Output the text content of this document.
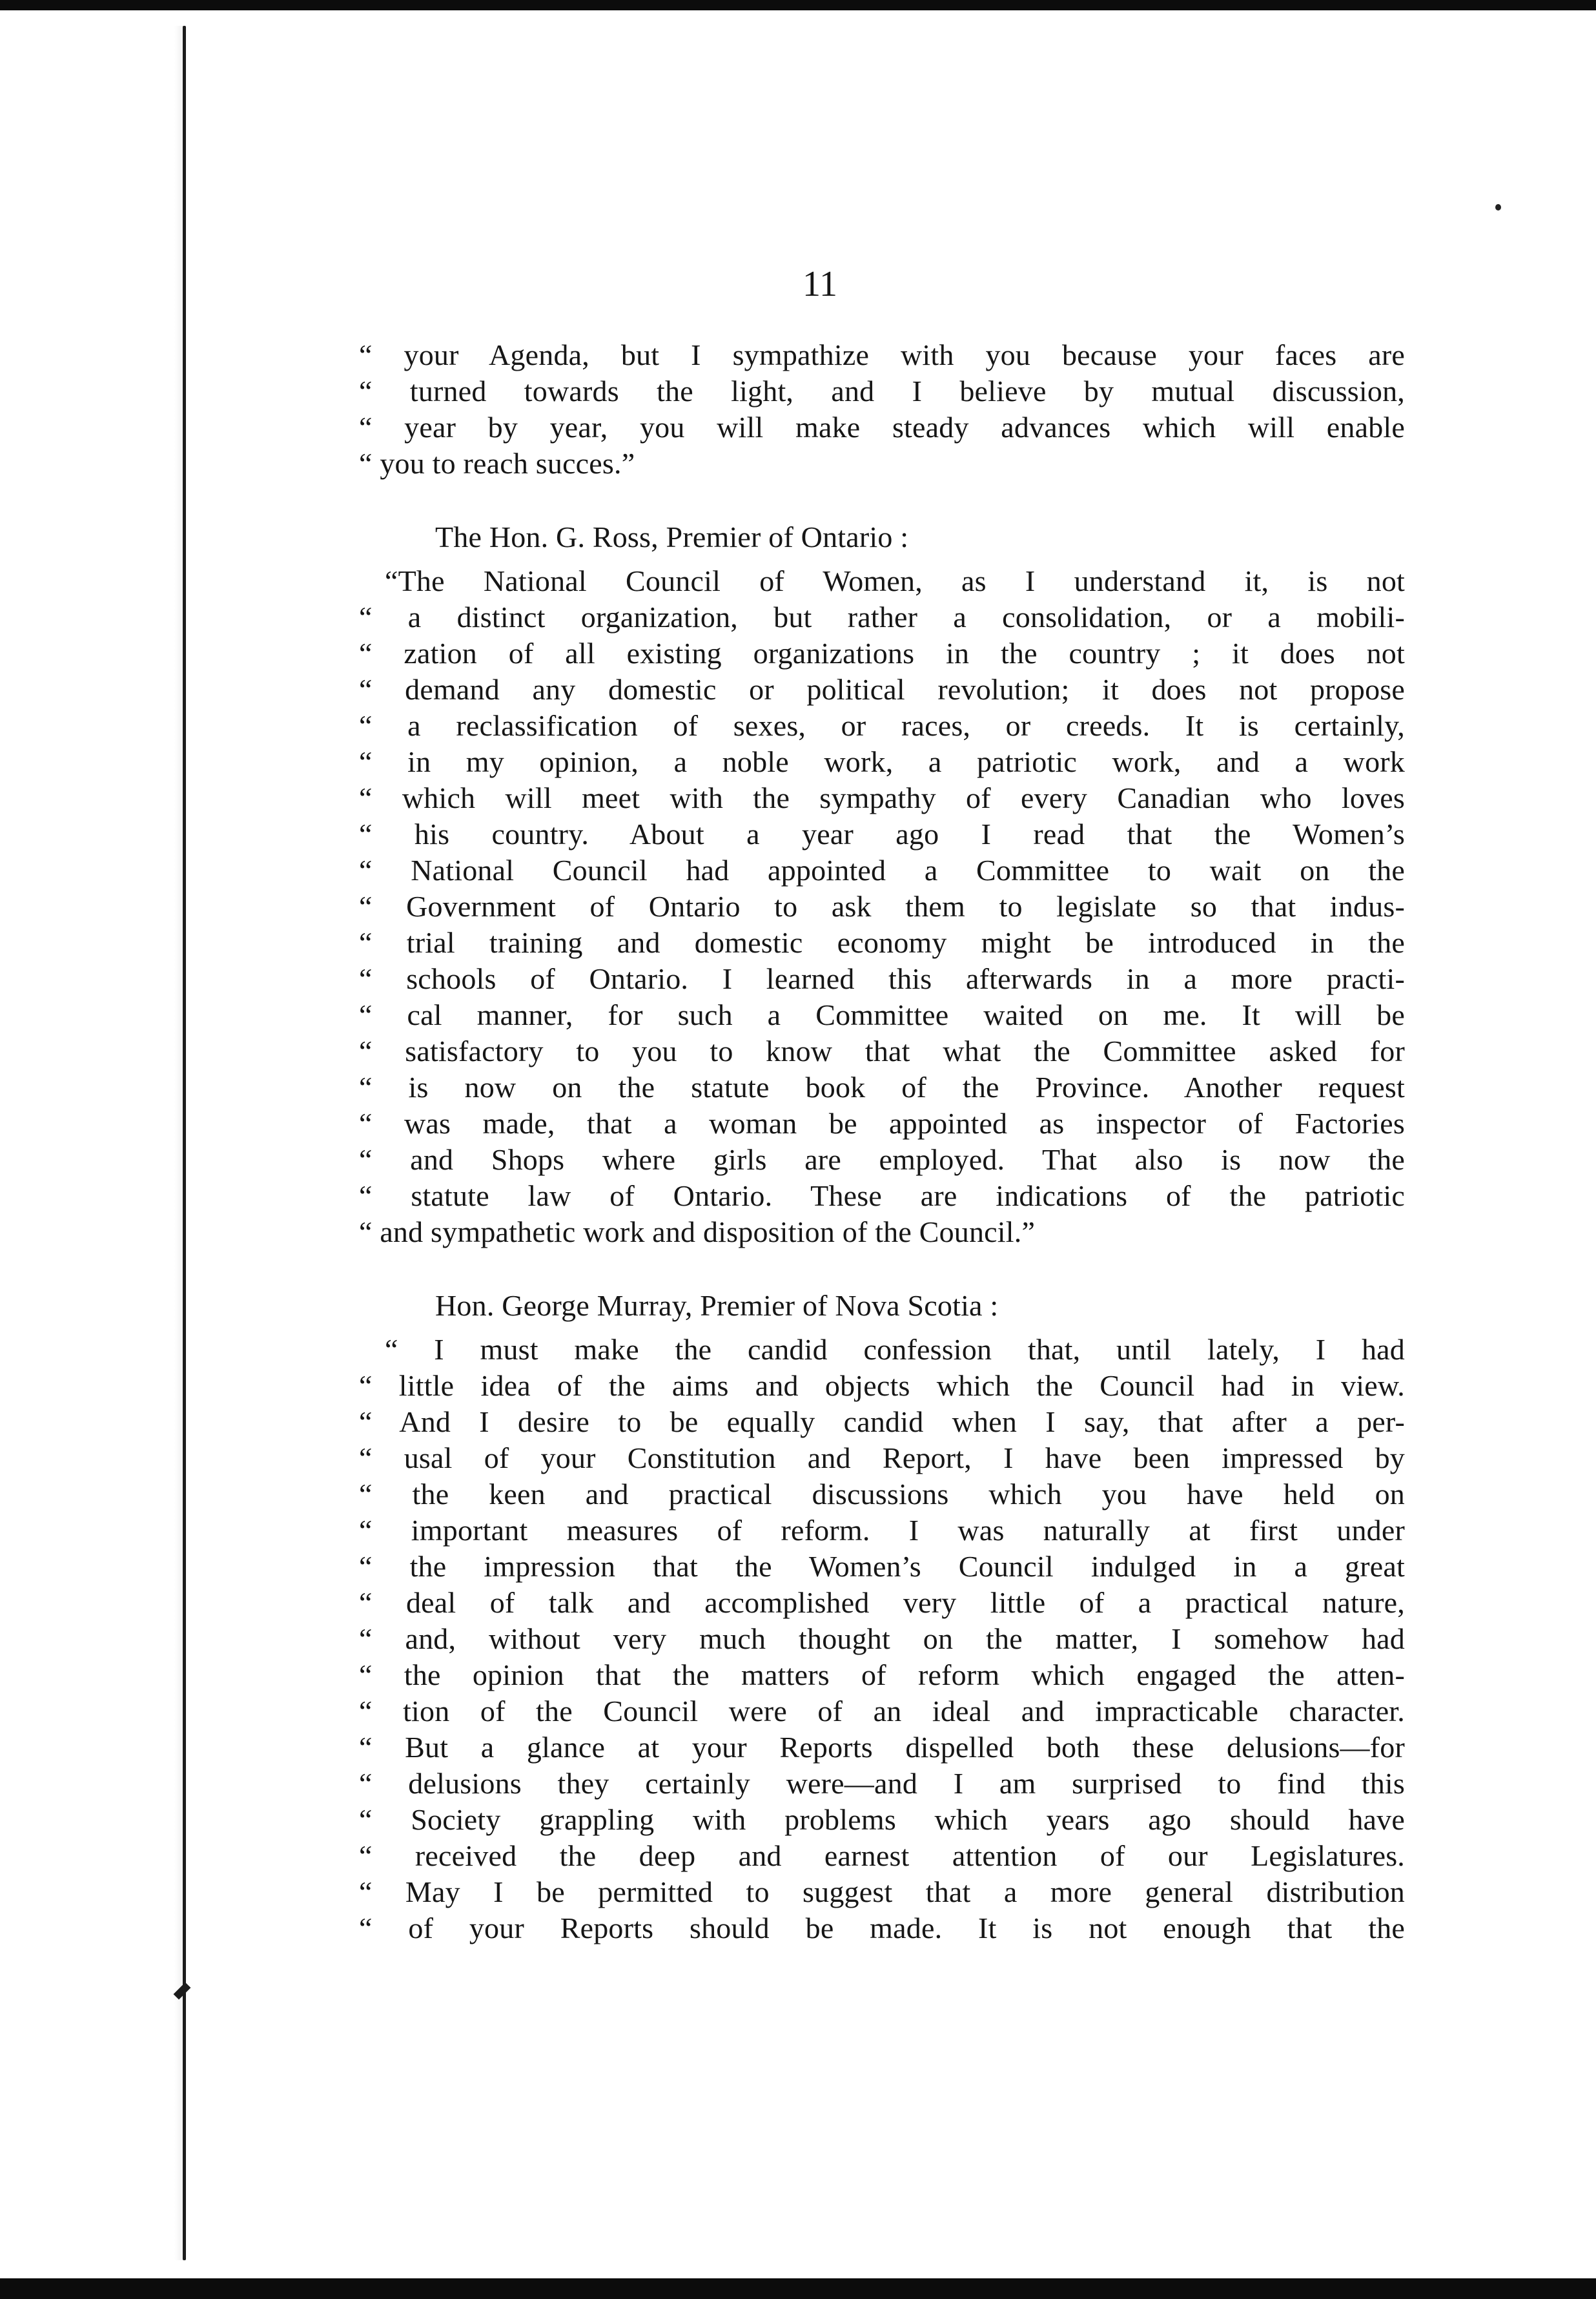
11
“ your Agenda, but I sympathize with you because your faces are
“ turned towards the light, and I believe by mutual discussion,
“ year by year, you will make steady advances which will enable
“ you to reach succes.”
The Hon. G. Ross, Premier of Ontario :
“The National Council of Women, as I understand it, is not
“ a distinct organization, but rather a consolidation, or a mobili-
“ zation of all existing organizations in the country ; it does not
“ demand any domestic or political revolution; it does not propose
“ a reclassification of sexes, or races, or creeds. It is certainly,
“ in my opinion, a noble work, a patriotic work, and a work
“ which will meet with the sympathy of every Canadian who loves
“ his country. About a year ago I read that the Women’s
“ National Council had appointed a Committee to wait on the
“ Government of Ontario to ask them to legislate so that indus-
“ trial training and domestic economy might be introduced in the
“ schools of Ontario. I learned this afterwards in a more practi-
“ cal manner, for such a Committee waited on me. It will be
“ satisfactory to you to know that what the Committee asked for
“ is now on the statute book of the Province. Another request
“ was made, that a woman be appointed as inspector of Factories
“ and Shops where girls are employed. That also is now the
“ statute law of Ontario. These are indications of the patriotic
“ and sympathetic work and disposition of the Council.”
Hon. George Murray, Premier of Nova Scotia :
“ I must make the candid confession that, until lately, I had
“ little idea of the aims and objects which the Council had in view.
“ And I desire to be equally candid when I say, that after a per-
“ usal of your Constitution and Report, I have been impressed by
“ the keen and practical discussions which you have held on
“ important measures of reform. I was naturally at first under
“ the impression that the Women’s Council indulged in a great
“ deal of talk and accomplished very little of a practical nature,
“ and, without very much thought on the matter, I somehow had
“ the opinion that the matters of reform which engaged the atten-
“ tion of the Council were of an ideal and impracticable character.
“ But a glance at your Reports dispelled both these delusions—for
“ delusions they certainly were—and I am surprised to find this
“ Society grappling with problems which years ago should have
“ received the deep and earnest attention of our Legislatures.
“ May I be permitted to suggest that a more general distribution
“ of your Reports should be made. It is not enough that the
